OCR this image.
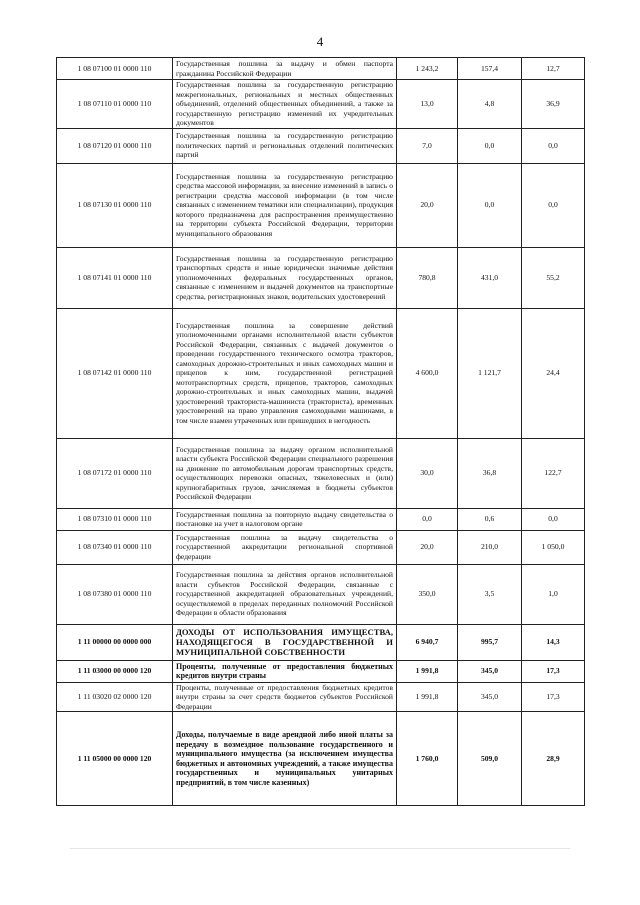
4
1 08 07100 01 0000 110	Государственная пошлина за выдачу и обмен паспорта гражданина Российской Федерации	1 243,2	157,4	12,7
1 08 07110 01 0000 110	Государственная пошлина за государственную регистрацию межрегиональных, региональных и местных общественных объединений, отделений общественных объединений, а также за государственную регистрацию изменений их учредительных документов	13,0	4,8	36,9
1 08 07120 01 0000 110	Государственная пошлина за государственную регистрацию политических партий и региональных отделений политических партий	7,0	0,0	0,0
1 08 07130 01 0000 110	Государственная пошлина за государственную регистрацию средства массовой информации, за внесение изменений в запись о регистрации средства массовой информации (в том числе связанных с изменением тематики или специализации), продукция которого предназначена для распространения преимущественно на территории субъекта Российской Федерации, территории муниципального образования	20,0	0,0	0,0
1 08 07141 01 0000 110	Государственная пошлина за государственную регистрацию транспортных средств и иные юридически значимые действия уполномоченных федеральных государственных органов, связанные с изменением и выдачей документов на транспортные средства, регистрационных знаков, водительских удостоверений	780,8	431,0	55,2
1 08 07142 01 0000 110	Государственная пошлина за совершение действий уполномоченными органами исполнительной власти субъектов Российской Федерации, связанных с выдачей документов о проведении государственного технического осмотра тракторов, самоходных дорожно-строительных и иных самоходных машин и прицепов к ним, государственной регистрацией мототранспортных средств, прицепов, тракторов, самоходных дорожно-строительных и иных самоходных машин, выдачей удостоверений тракториста-машиниста (тракториста), временных удостоверений на право управления самоходными машинами, в том числе взамен утраченных или пришедших в негодность	4 600,0	1 121,7	24,4
1 08 07172 01 0000 110	Государственная пошлина за выдачу органом исполнительной власти субъекта Российской Федерации специального разрешения на движение по автомобильным дорогам транспортных средств, осуществляющих перевозки опасных, тяжеловесных и (или) крупногабаритных грузов, зачисляемая в бюджеты субъектов Российской Федерации	30,0	36,8	122,7
1 08 07310 01 0000 110	Государственная пошлина за повторную выдачу свидетельства о постановке на учет в налоговом органе	0,0	0,6	0,0
1 08 07340 01 0000 110	Государственная пошлина за выдачу свидетельства о государственной аккредитации региональной спортивной федерации	20,0	210,0	1 050,0
1 08 07380 01 0000 110	Государственная пошлина за действия органов исполнительной власти субъектов Российской Федерации, связанные с государственной аккредитацией образовательных учреждений, осуществляемой в пределах переданных полномочий Российской Федерации в области образования	350,0	3,5	1,0
1 11 00000 00 0000 000	ДОХОДЫ ОТ ИСПОЛЬЗОВАНИЯ ИМУЩЕСТВА, НАХОДЯЩЕГОСЯ В ГОСУДАРСТВЕННОЙ И МУНИЦИПАЛЬНОЙ СОБСТВЕННОСТИ	6 940,7	995,7	14,3
1 11 03000 00 0000 120	Проценты, полученные от предоставления бюджетных кредитов внутри страны	1 991,8	345,0	17,3
1 11 03020 02 0000 120	Проценты, полученные от предоставления бюджетных кредитов внутри страны за счет средств бюджетов субъектов Российской Федерации	1 991,8	345,0	17,3
1 11 05000 00 0000 120	Доходы, получаемые в виде арендной либо иной платы за передачу в возмездное пользование государственного и муниципального имущества (за исключением имущества бюджетных и автономных учреждений, а также имущества государственных и муниципальных унитарных предприятий, в том числе казенных)	1 760,0	509,0	28,9
